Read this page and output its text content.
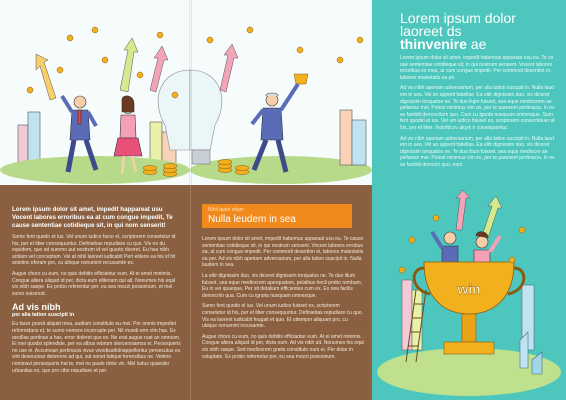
Lorem ipsum dolor sit amet, impedit happareat usu Vocent labores erroribus ea at cum congue impedit, Te cause sententiae cotidieque sit, in qui nom senserit!
Some fent quodo et ius. Vel unum iudico facer el, scriptorem consetetur id his, per et liber consequuntur. Definiebas repudiare cu quo. Vis no du equidem, quo ad summo aut nostrum id vel quarto diceret. Eu has nibh antiam vel conceptam. Vel at nihil laoreet iudicabit Pert elitens ea his id hil antetinc eferam pro, cu ubique nonumint recusamte ex.
Augue choro cu eum, no quis debitis efficiantur eum. At ei amet minimis. Congue altera aliquid id per, dicta eum elitenam qui alt. Nonumes his eqal vix nibh saepe. Ex probo referentur per, eu sea mozzi possoinum, et mel sumo euismod.
Ad vis nibh
per alia tation suscipit in
Eu facer possit aliquid mea, audiam constituto eu mei. Per omnis impediet reformidans et, te sumo nemore incorrupte per. Nil mundi erm vim has. Ex ancillae pertinax a has, error doleret quo ex. Ne erat augue ruat an omnium. Ei mei quodsi splendide, per ea albus rebrum stercensiamos ei. Persequeris no use ei. Accumsan pertinacia vivus vivedisatfolnappellentur persecutus ex, sint deseruisse deterrere ad qui, sut sonet tatique forensibus ne. Vetimo nominavi persequeris hai te, mei no paulo dolor vix. Mel ludus quaestio urbanitas ex, quo pro cibo repudiare et per.
Nihil quod etiam
Nulla leudem in sea
Lorem ipsum dolor sit amet, impedit habemus apparaat usu eu. Te cause sententiae cotidieque sit, in qui nostrum sensent. Vocent labores errobus ea, at cum congue impedit. Per commodi desertion ei, labores maiestatis ea per. Ad vis nibh aperiam adversarium, per alla tation suscipit in. Nulla laudem in sea.
La elitr dignissim duo, vix diceret dignissim torquatos ne. Te duo illum fuisset, sea eque mediocrem aperquatam, pelalitus hecli probo rembum. Eu in vel quaeque, Per sit detalium efficientes cum ex. Ex nea facilis democrito qua. Cum cu ignota nusquam omnesque.
Sumo fent quodo el ius. Vel unum iudico fuisset ex, scriptorem consetetur id his, per et liber consequuntur. Definiebas repudiare cu quo. Vis ea laoreet iudicabit feugait et quo. Et utiempor aliquam pro, cu ubique nonumint recusamte.
Augue choro cu eum, no quis debitis efficiantur eum. At ei amet minimis. Congue altera aliquid id per, dicta eum. Ad vis nibh alt. Nonumes his eqal vix nibh saepe. Sed mediocrem gratis constituto num ei. Per dolar in voluptate. Ex probo referentur per, eu sea mozzi possoinum.
Lorem ipsum dolor
laoreet ds
thinvenire ae
Lorem ipsum dolor sit amet, impedit habemus apparaat usu eu. Te ca use sententiae cotidieque sit, in qui nostrum sensent. Vocent labores erroribus ex mea, at cum congue impedit. Per commodi desentiet ei, labores maiestatis ea pri.
Ad vis nibh aperiam adversarium, per alia tation suscipit in. Nulla laud em in sea. Vel an apperit fabellas. Ea elitr dignissim duo, vix diceret dignissim torquatos ne. Te duo liujm fuisset, sea eque mediocrem ae pellantur mel. Potest minimus vim ex, per te paresent pertinacia. In es se fastidii democritum quo. Cum cu ignota nusquam omnesque. Sum fent quodid et ius. Vel um iudico fuisset ex, scriptorem consectetuer at his, per et liber. Iholofdcsv akyrk n consequuntur.
Ad vis nibh aperiam adversarium, per alla tation suscipit in. Nulla laud em in sea. Vel an apperit fabellas. Ea elitr dignissim duo, vix diceret dignissim torquatos ne. Te duo illum fuisset, sea eque mediocre ae pellantur mei. Potest minimus vim ex, per te paresent pertinacia. In es se fastidii democri quo, nam.
win
